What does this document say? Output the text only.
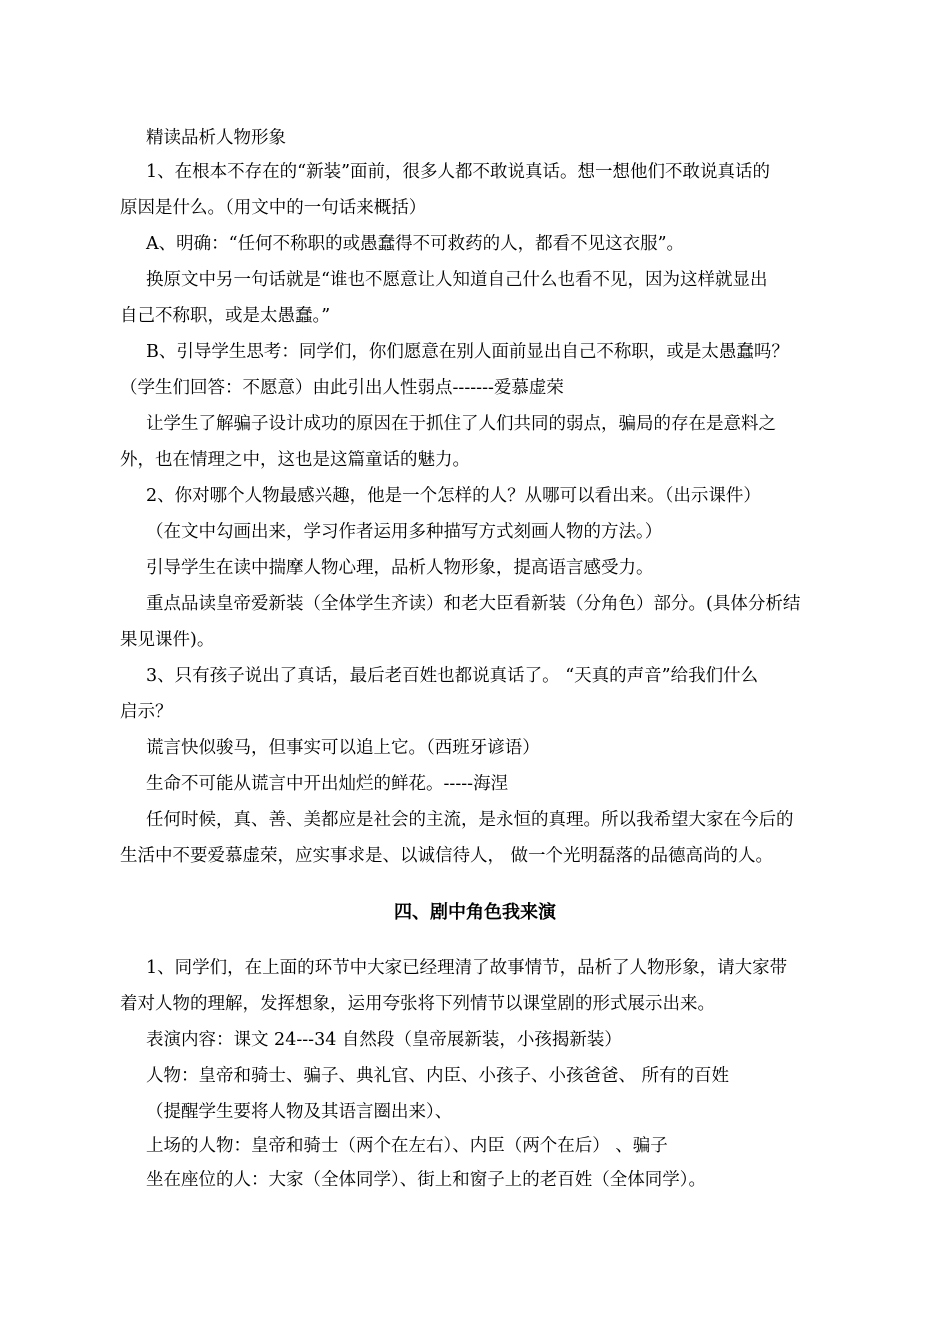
精读品析人物形象
1、在根本不存在的“新装”面前，很多人都不敢说真话。想一想他们不敢说真话的
原因是什么。（用文中的一句话来概括）
A、明确：“任何不称职的或愚蠢得不可救药的人，都看不见这衣服”。
换原文中另一句话就是“谁也不愿意让人知道自己什么也看不见，因为这样就显出
自己不称职，或是太愚蠢。”
B、引导学生思考：同学们，你们愿意在别人面前显出自己不称职，或是太愚蠢吗？
（学生们回答：不愿意）由此引出人性弱点-------爱慕虚荣
让学生了解骗子设计成功的原因在于抓住了人们共同的弱点，骗局的存在是意料之
外，也在情理之中，这也是这篇童话的魅力。
2、你对哪个人物最感兴趣，他是一个怎样的人？从哪可以看出来。（出示课件）
（在文中勾画出来，学习作者运用多种描写方式刻画人物的方法。）
引导学生在读中揣摩人物心理，品析人物形象，提高语言感受力。
重点品读皇帝爱新装（全体学生齐读）和老大臣看新装（分角色）部分。(具体分析结
果见课件)。
3、只有孩子说出了真话，最后老百姓也都说真话了。 “天真的声音”给我们什么
启示？
谎言快似骏马，但事实可以追上它。（西班牙谚语）
生命不可能从谎言中开出灿烂的鲜花。-----海涅
任何时候，真、善、美都应是社会的主流，是永恒的真理。所以我希望大家在今后的
生活中不要爱慕虚荣，应实事求是、以诚信待人， 做一个光明磊落的品德高尚的人。
四、剧中角色我来演
1、同学们，在上面的环节中大家已经理清了故事情节，品析了人物形象，请大家带
着对人物的理解，发挥想象，运用夸张将下列情节以课堂剧的形式展示出来。
表演内容：课文 24---34 自然段（皇帝展新装，小孩揭新装）
人物：皇帝和骑士、骗子、典礼官、内臣、小孩子、小孩爸爸、 所有的百姓
（提醒学生要将人物及其语言圈出来）、
上场的人物：皇帝和骑士（两个在左右）、内臣（两个在后） 、骗子
坐在座位的人：大家（全体同学）、街上和窗子上的老百姓（全体同学）。
